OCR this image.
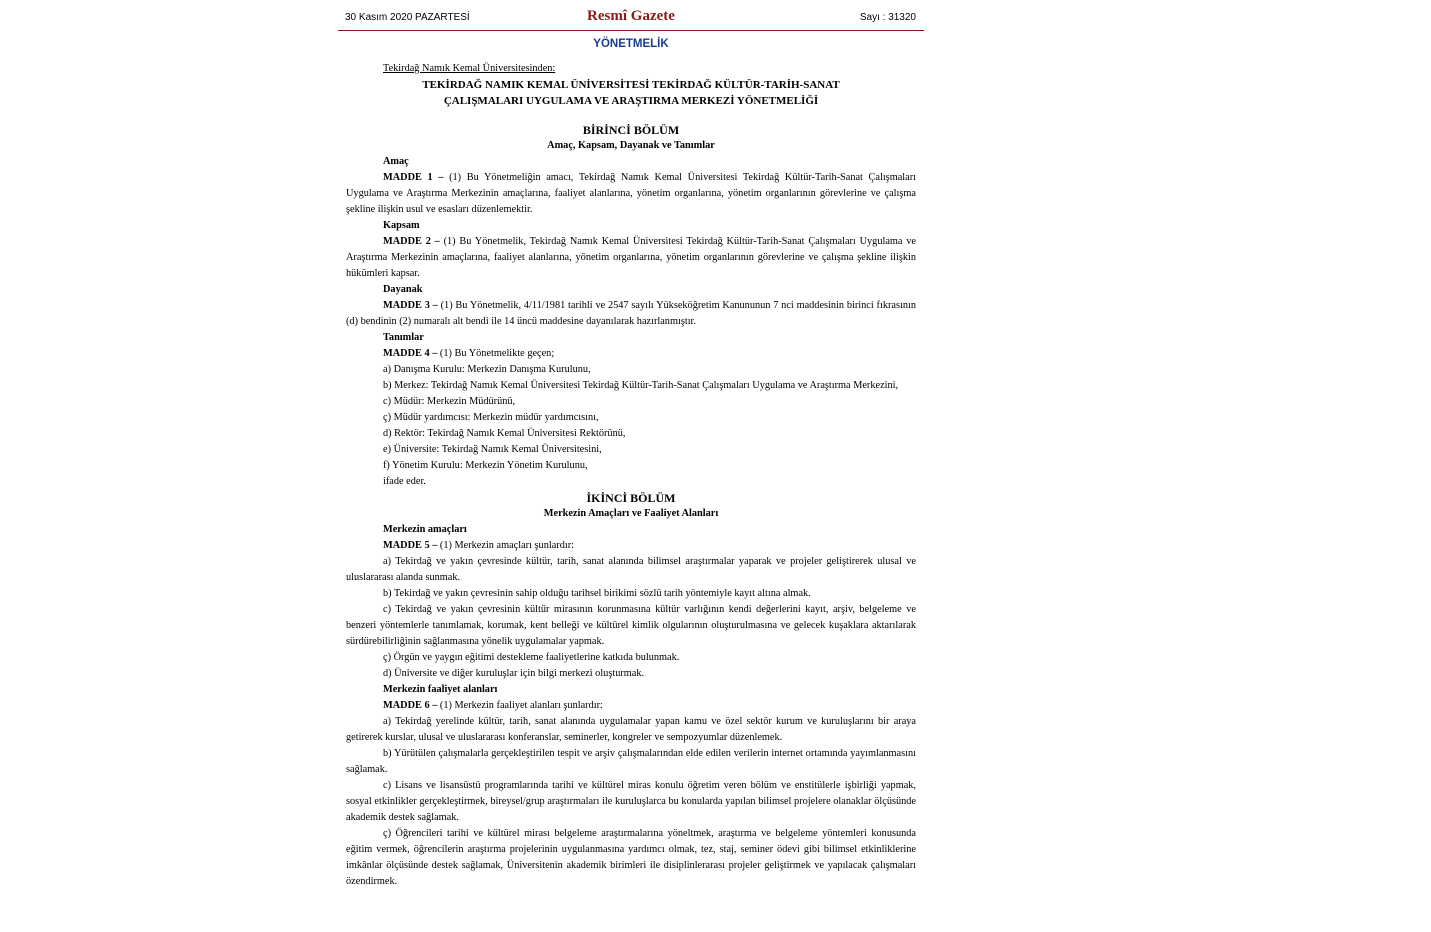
30 Kasım 2020 PAZARTESİ	Resmî Gazete	Sayı : 31320
YÖNETMELİK

Tekirdağ Namık Kemal Üniversitesinden:

TEKİRDAĞ NAMIK KEMAL ÜNİVERSİTESİ TEKİRDAĞ KÜLTÜR-TARİH-SANAT

ÇALIŞMALARI UYGULAMA VE ARAŞTIRMA MERKEZİ YÖNETMELİĞİ

BİRİNCİ BÖLÜM

Amaç, Kapsam, Dayanak ve Tanımlar

Amaç

MADDE 1 – (1) Bu Yönetmeliğin amacı, Tekirdağ Namık Kemal Üniversitesi Tekirdağ Kültür-Tarih-Sanat Çalışmaları Uygulama ve Araştırma Merkezinin amaçlarına, faaliyet alanlarına, yönetim organlarına, yönetim organlarının görevlerine ve çalışma şekline ilişkin usul ve esasları düzenlemektir.

Kapsam

MADDE 2 – (1) Bu Yönetmelik, Tekirdağ Namık Kemal Üniversitesi Tekirdağ Kültür-Tarih-Sanat Çalışmaları Uygulama ve Araştırma Merkezinin amaçlarına, faaliyet alanlarına, yönetim organlarına, yönetim organlarının görevlerine ve çalışma şekline ilişkin hükümleri kapsar.

Dayanak

MADDE 3 – (1) Bu Yönetmelik, 4/11/1981 tarihli ve 2547 sayılı Yükseköğretim Kanununun 7 nci maddesinin birinci fıkrasının (d) bendinin (2) numaralı alt bendi ile 14 üncü maddesine dayanılarak hazırlanmıştır.

Tanımlar

MADDE 4 – (1) Bu Yönetmelikte geçen;

a) Danışma Kurulu: Merkezin Danışma Kurulunu,

b) Merkez: Tekirdağ Namık Kemal Üniversitesi Tekirdağ Kültür-Tarih-Sanat Çalışmaları Uygulama ve Araştırma Merkezini,

c) Müdür: Merkezin Müdürünü,

ç) Müdür yardımcısı: Merkezin müdür yardımcısını,

d) Rektör: Tekirdağ Namık Kemal Üniversitesi Rektörünü,

e) Üniversite: Tekirdağ Namık Kemal Üniversitesini,

f) Yönetim Kurulu: Merkezin Yönetim Kurulunu,

ifade eder.

İKİNCİ BÖLÜM

Merkezin Amaçları ve Faaliyet Alanları

Merkezin amaçları

MADDE 5 – (1) Merkezin amaçları şunlardır:

a) Tekirdağ ve yakın çevresinde kültür, tarih, sanat alanında bilimsel araştırmalar yaparak ve projeler geliştirerek ulusal ve uluslararası alanda sunmak.

b) Tekirdağ ve yakın çevresinin sahip olduğu tarihsel birikimi sözlü tarih yöntemiyle kayıt altına almak.

c) Tekirdağ ve yakın çevresinin kültür mirasının korunmasına kültür varlığının kendi değerlerini kayıt, arşiv, belgeleme ve benzeri yöntemlerle tanımlamak, korumak, kent belleği ve kültürel kimlik olgularının oluşturulmasına ve gelecek kuşaklara aktarılarak sürdürebilirliğinin sağlanmasına yönelik uygulamalar yapmak.

ç) Örgün ve yaygın eğitimi destekleme faaliyetlerine katkıda bulunmak.

d) Üniversite ve diğer kuruluşlar için bilgi merkezi oluşturmak.

Merkezin faaliyet alanları

MADDE 6 – (1) Merkezin faaliyet alanları şunlardır:

a) Tekirdağ yerelinde kültür, tarih, sanat alanında uygulamalar yapan kamu ve özel sektör kurum ve kuruluşlarını bir araya getirerek kurslar, ulusal ve uluslararası konferanslar, seminerler, kongreler ve sempozyumlar düzenlemek.

b) Yürütülen çalışmalarla gerçekleştirilen tespit ve arşiv çalışmalarından elde edilen verilerin internet ortamında yayımlanmasını sağlamak.

c) Lisans ve lisansüstü programlarında tarihi ve kültürel miras konulu öğretim veren bölüm ve enstitülerle işbirliği yapmak, sosyal etkinlikler gerçekleştirmek, bireysel/grup araştırmaları ile kuruluşlarca bu konularda yapılan bilimsel projelere olanaklar ölçüsünde akademik destek sağlamak.

ç) Öğrencileri tarihi ve kültürel mirası belgeleme araştırmalarına yöneltmek, araştırma ve belgeleme yöntemleri konusunda eğitim vermek, öğrencilerin araştırma projelerinin uygulanmasına yardımcı olmak, tez, staj, seminer ödevi gibi bilimsel etkinliklerine imkânlar ölçüsünde destek sağlamak, Üniversitenin akademik birimleri ile disiplinlerarası projeler geliştirmek ve yapılacak çalışmaları özendirmek.
